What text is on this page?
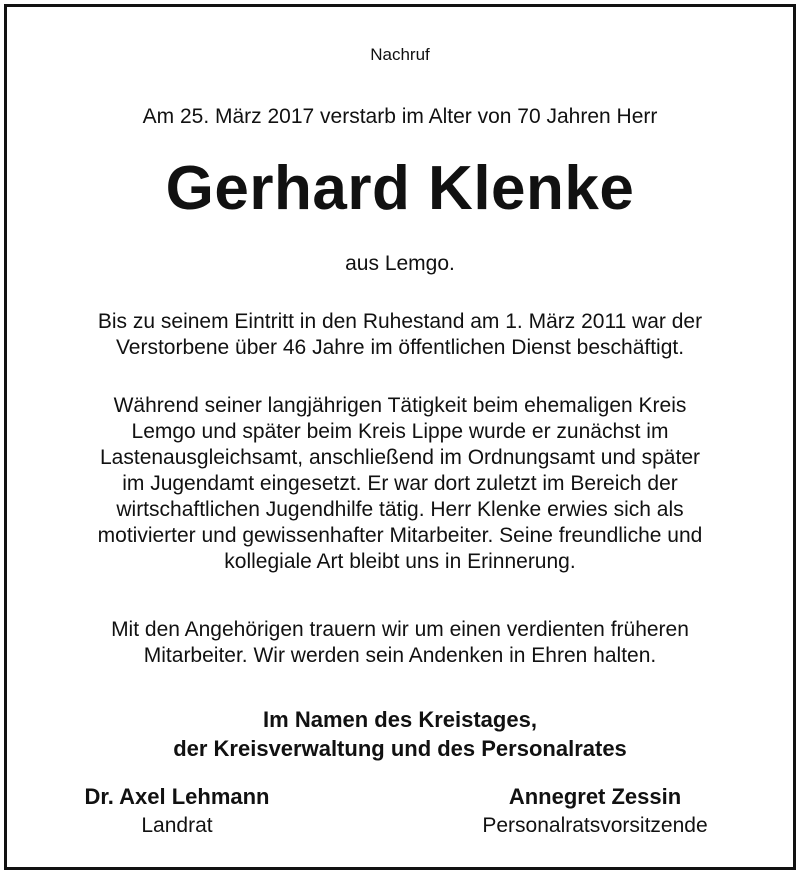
Nachruf
Am 25. März 2017 verstarb im Alter von 70 Jahren Herr
Gerhard Klenke
aus Lemgo.
Bis zu seinem Eintritt in den Ruhestand am 1. März 2011 war der
Verstorbene über 46 Jahre im öffentlichen Dienst beschäftigt.
Während seiner langjährigen Tätigkeit beim ehemaligen Kreis
Lemgo und später beim Kreis Lippe wurde er zunächst im
Lastenausgleichsamt, anschließend im Ordnungsamt und später
im Jugendamt eingesetzt. Er war dort zuletzt im Bereich der
wirtschaftlichen Jugendhilfe tätig. Herr Klenke erwies sich als
motivierter und gewissenhafter Mitarbeiter. Seine freundliche und
kollegiale Art bleibt uns in Erinnerung.
Mit den Angehörigen trauern wir um einen verdienten früheren
Mitarbeiter. Wir werden sein Andenken in Ehren halten.
Im Namen des Kreistages,
der Kreisverwaltung und des Personalrates
Dr. Axel Lehmann
Landrat
Annegret Zessin
Personalratsvorsitzende
